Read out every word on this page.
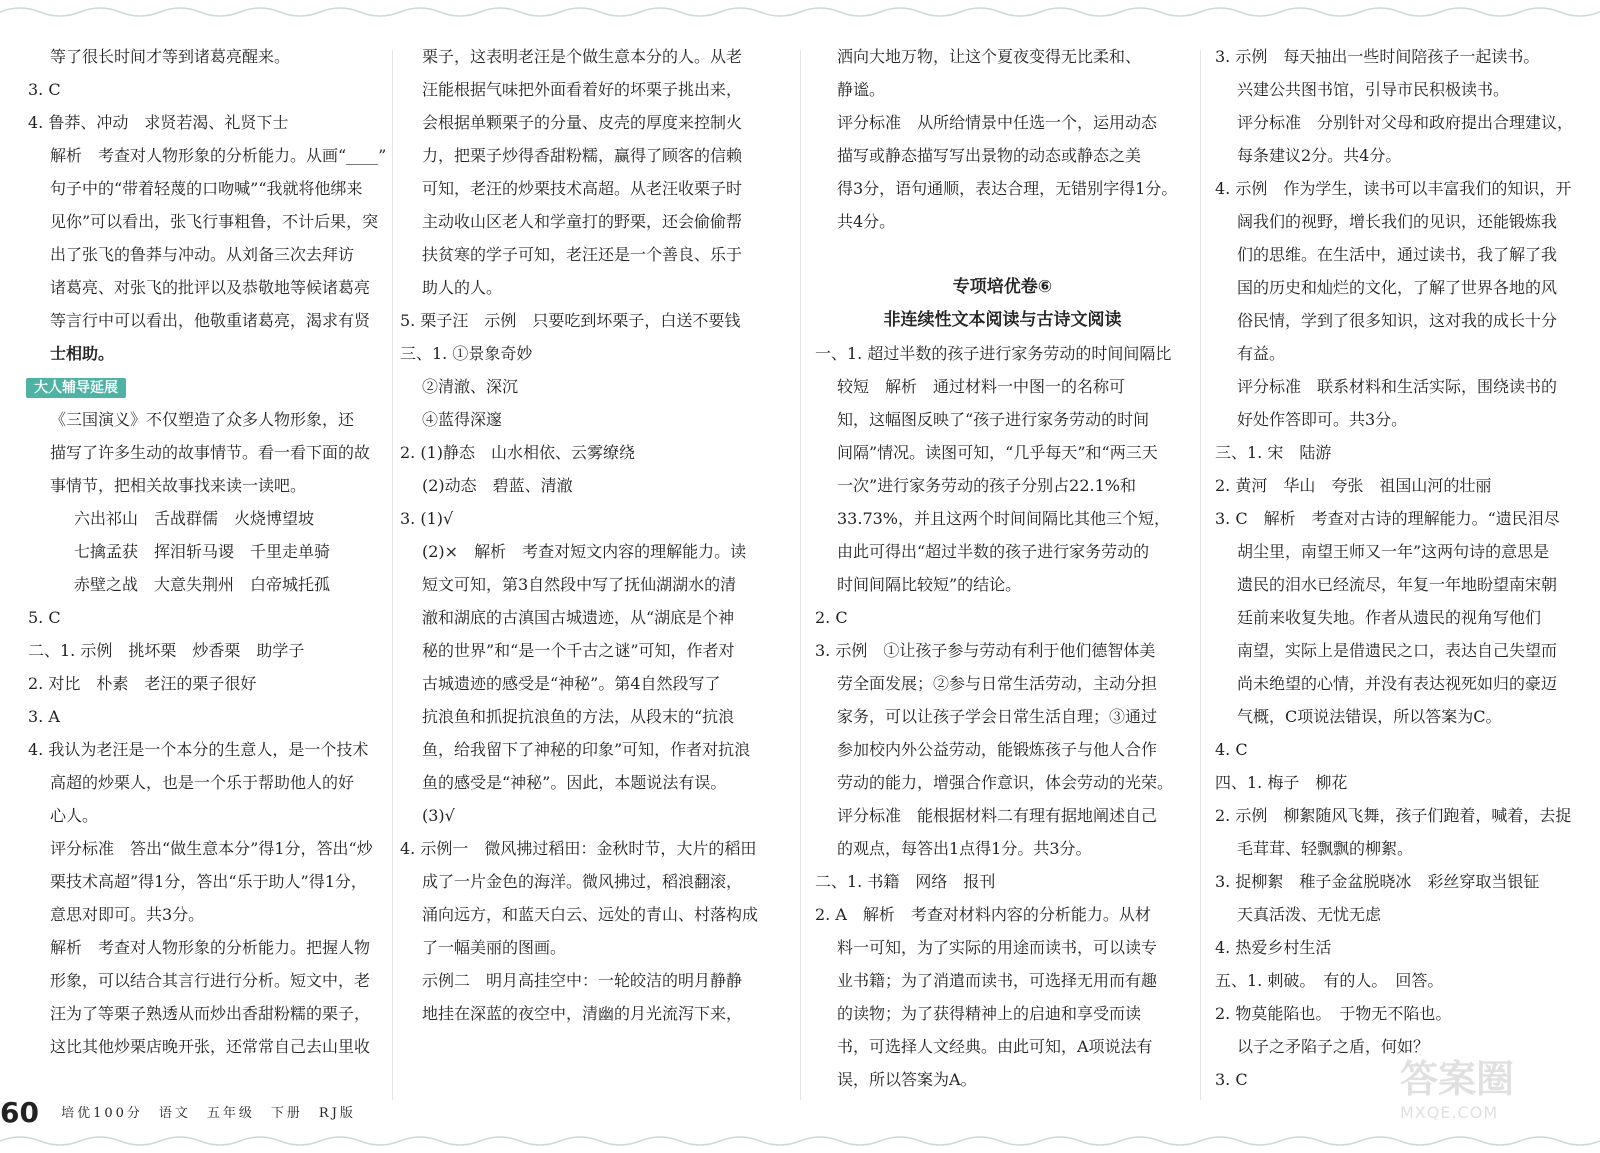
等了很长时间才等到诸葛亮醒来。

3. C

4. 鲁莽、冲动　求贤若渴、礼贤下士

解析　考查对人物形象的分析能力。从画“____”

句子中的“带着轻蔑的口吻喊”“我就将他绑来

见你”可以看出，张飞行事粗鲁，不计后果，突

出了张飞的鲁莽与冲动。从刘备三次去拜访

诸葛亮、对张飞的批评以及恭敬地等候诸葛亮

等言行中可以看出，他敬重诸葛亮，渴求有贤

士相助。

大人辅导延展

《三国演义》不仅塑造了众多人物形象，还

描写了许多生动的故事情节。看一看下面的故

事情节，把相关故事找来读一读吧。

六出祁山　舌战群儒　火烧博望坡

七擒孟获　挥泪斩马谡　千里走单骑

赤壁之战　大意失荆州　白帝城托孤

5. C

二、1. 示例　挑坏栗　炒香栗　助学子

2. 对比　朴素　老汪的栗子很好

3. A

4. 我认为老汪是一个本分的生意人，是一个技术

高超的炒栗人，也是一个乐于帮助他人的好

心人。

评分标准　答出“做生意本分”得1分，答出“炒

栗技术高超”得1分，答出“乐于助人”得1分，

意思对即可。共3分。

解析　考查对人物形象的分析能力。把握人物

形象，可以结合其言行进行分析。短文中，老

汪为了等栗子熟透从而炒出香甜粉糯的栗子，

这比其他炒栗店晚开张，还常常自己去山里收

栗子，这表明老汪是个做生意本分的人。从老

汪能根据气味把外面看着好的坏栗子挑出来，

会根据单颗栗子的分量、皮壳的厚度来控制火

力，把栗子炒得香甜粉糯，赢得了顾客的信赖

可知，老汪的炒栗技术高超。从老汪收栗子时

主动收山区老人和学童打的野栗，还会偷偷帮

扶贫寒的学子可知，老汪还是一个善良、乐于

助人的人。

5. 栗子汪　示例　只要吃到坏栗子，白送不要钱

三、1. ①景象奇妙

②清澈、深沉

④蓝得深邃

2. (1)静态　山水相依、云雾缭绕

(2)动态　碧蓝、清澈

3. (1)√

(2)×　解析　考查对短文内容的理解能力。读

短文可知，第3自然段中写了抚仙湖湖水的清

澈和湖底的古滇国古城遗迹，从“湖底是个神

秘的世界”和“是一个千古之谜”可知，作者对

古城遗迹的感受是“神秘”。第4自然段写了

抗浪鱼和抓捉抗浪鱼的方法，从段末的“抗浪

鱼，给我留下了神秘的印象”可知，作者对抗浪

鱼的感受是“神秘”。因此，本题说法有误。

(3)√

4. 示例一　微风拂过稻田：金秋时节，大片的稻田

成了一片金色的海洋。微风拂过，稻浪翻滚，

涌向远方，和蓝天白云、远处的青山、村落构成

了一幅美丽的图画。

示例二　明月高挂空中：一轮皎洁的明月静静

地挂在深蓝的夜空中，清幽的月光流泻下来，

洒向大地万物，让这个夏夜变得无比柔和、

静谧。

评分标准　从所给情景中任选一个，运用动态

描写或静态描写写出景物的动态或静态之美

得3分，语句通顺，表达合理，无错别字得1分。

共4分。

专项培优卷⑥

非连续性文本阅读与古诗文阅读

一、1. 超过半数的孩子进行家务劳动的时间间隔比

较短　解析　通过材料一中图一的名称可

知，这幅图反映了“孩子进行家务劳动的时间

间隔”情况。读图可知，“几乎每天”和“两三天

一次”进行家务劳动的孩子分别占22.1%和

33.73%，并且这两个时间间隔比其他三个短，

由此可得出“超过半数的孩子进行家务劳动的

时间间隔比较短”的结论。

2. C

3. 示例　①让孩子参与劳动有利于他们德智体美

劳全面发展；②参与日常生活劳动，主动分担

家务，可以让孩子学会日常生活自理；③通过

参加校内外公益劳动，能锻炼孩子与他人合作

劳动的能力，增强合作意识，体会劳动的光荣。

评分标准　能根据材料二有理有据地阐述自己

的观点，每答出1点得1分。共3分。

二、1. 书籍　网络　报刊

2. A　解析　考查对材料内容的分析能力。从材

料一可知，为了实际的用途而读书，可以读专

业书籍；为了消遣而读书，可选择无用而有趣

的读物；为了获得精神上的启迪和享受而读

书，可选择人文经典。由此可知，A项说法有

误，所以答案为A。

3. 示例　每天抽出一些时间陪孩子一起读书。

兴建公共图书馆，引导市民积极读书。

评分标准　分别针对父母和政府提出合理建议，

每条建议2分。共4分。

4. 示例　作为学生，读书可以丰富我们的知识，开

阔我们的视野，增长我们的见识，还能锻炼我

们的思维。在生活中，通过读书，我了解了我

国的历史和灿烂的文化，了解了世界各地的风

俗民情，学到了很多知识，这对我的成长十分

有益。

评分标准　联系材料和生活实际，围绕读书的

好处作答即可。共3分。

三、1. 宋　陆游

2. 黄河　华山　夸张　祖国山河的壮丽

3. C　解析　考查对古诗的理解能力。“遗民泪尽

胡尘里，南望王师又一年”这两句诗的意思是

遗民的泪水已经流尽，年复一年地盼望南宋朝

廷前来收复失地。作者从遗民的视角写他们

南望，实际上是借遗民之口，表达自己失望而

尚未绝望的心情，并没有表达视死如归的豪迈

气概，C项说法错误，所以答案为C。

4. C

四、1. 梅子　柳花

2. 示例　柳絮随风飞舞，孩子们跑着，喊着，去捉

毛茸茸、轻飘飘的柳絮。

3. 捉柳絮　稚子金盆脱晓冰　彩丝穿取当银钲

天真活泼、无忧无虑

4. 热爱乡村生活

五、1. 刺破。　有的人。　回答。

2. 物莫能陷也。　于物无不陷也。

以子之矛陷子之盾，何如？

3. C

60 培优100分　语文　五年级　下册　RJ版
答案圈
MXQE.COM
